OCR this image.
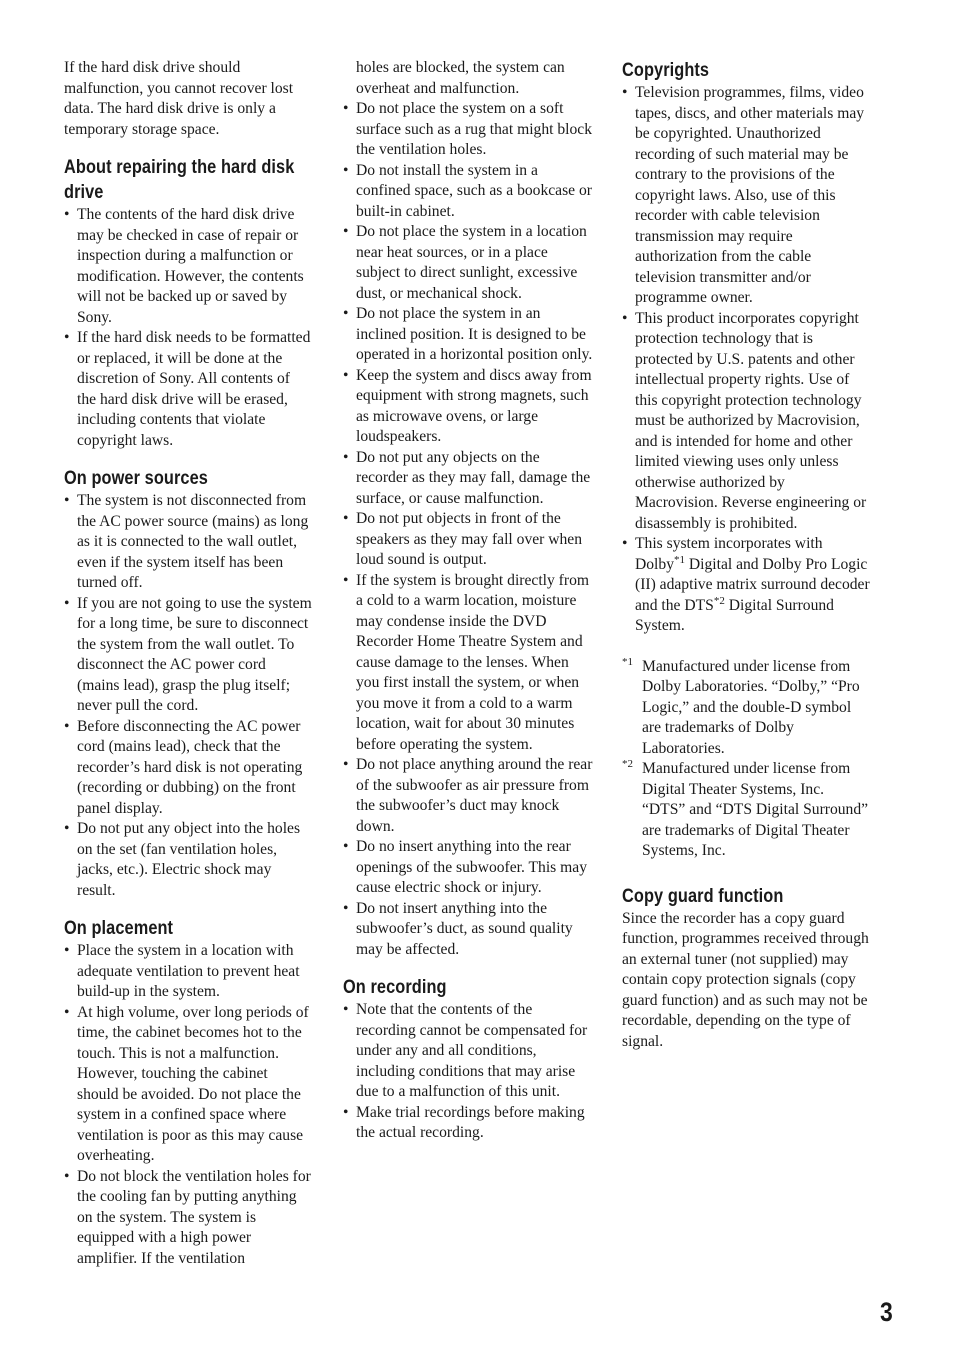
If the hard disk drive should malfunction, you cannot recover lost data. The hard disk drive is only a temporary storage space.

About repairing the hard disk drive
• The contents of the hard disk drive may be checked in case of repair or inspection during a malfunction or modification. However, the contents will not be backed up or saved by Sony.
• If the hard disk needs to be formatted or replaced, it will be done at the discretion of Sony. All contents of the hard disk drive will be erased, including contents that violate copyright laws.
On power sources
• The system is not disconnected from the AC power source (mains) as long as it is connected to the wall outlet, even if the system itself has been turned off.
• If you are not going to use the system for a long time, be sure to disconnect the system from the wall outlet. To disconnect the AC power cord (mains lead), grasp the plug itself; never pull the cord.
• Before disconnecting the AC power cord (mains lead), check that the recorder’s hard disk is not operating (recording or dubbing) on the front panel display.
• Do not put any object into the holes on the set (fan ventilation holes, jacks, etc.). Electric shock may result.
On placement
• Place the system in a location with adequate ventilation to prevent heat build-up in the system.
• At high volume, over long periods of time, the cabinet becomes hot to the touch. This is not a malfunction. However, touching the cabinet should be avoided. Do not place the system in a confined space where ventilation is poor as this may cause overheating.
• Do not block the ventilation holes for the cooling fan by putting anything on the system. The system is equipped with a high power amplifier. If the ventilation

holes are blocked, the system can overheat and malfunction.

• Do not place the system on a soft surface such as a rug that might block the ventilation holes.
• Do not install the system in a confined space, such as a bookcase or built-in cabinet.
• Do not place the system in a location near heat sources, or in a place subject to direct sunlight, excessive dust, or mechanical shock.
• Do not place the system in an inclined position. It is designed to be operated in a horizontal position only.
• Keep the system and discs away from equipment with strong magnets, such as microwave ovens, or large loudspeakers.
• Do not put any objects on the recorder as they may fall, damage the surface, or cause malfunction.
• Do not put objects in front of the speakers as they may fall over when loud sound is output.
• If the system is brought directly from a cold to a warm location, moisture may condense inside the DVD Recorder Home Theatre System and cause damage to the lenses. When you first install the system, or when you move it from a cold to a warm location, wait for about 30 minutes before operating the system.
• Do not place anything around the rear of the subwoofer as air pressure from the subwoofer’s duct may knock down.
• Do no insert anything into the rear openings of the subwoofer. This may cause electric shock or injury.
• Do not insert anything into the subwoofer’s duct, as sound quality may be affected.
On recording
• Note that the contents of the recording cannot be compensated for under any and all conditions, including conditions that may arise due to a malfunction of this unit.
• Make trial recordings before making the actual recording.
Copyrights
• Television programmes, films, video tapes, discs, and other materials may be copyrighted. Unauthorized recording of such material may be contrary to the provisions of the copyright laws. Also, use of this recorder with cable television transmission may require authorization from the cable television transmitter and/or programme owner.
• This product incorporates copyright protection technology that is protected by U.S. patents and other intellectual property rights. Use of this copyright protection technology must be authorized by Macrovision, and is intended for home and other limited viewing uses only unless otherwise authorized by Macrovision. Reverse engineering or disassembly is prohibited.
• This system incorporates with Dolby$^{*1}$ Digital and Dolby Pro Logic (II) adaptive matrix surround decoder and the DTS$^{*2}$ Digital Surround System.
*1 Manufactured under license from Dolby Laboratories. “Dolby,” “Pro Logic,” and the double-D symbol are trademarks of Dolby Laboratories.
*2 Manufactured under license from Digital Theater Systems, Inc. “DTS” and “DTS Digital Surround” are trademarks of Digital Theater Systems, Inc.
Copy guard function

Since the recorder has a copy guard function, programmes received through an external tuner (not supplied) may contain copy protection signals (copy guard function) and as such may not be recordable, depending on the type of signal.

3
